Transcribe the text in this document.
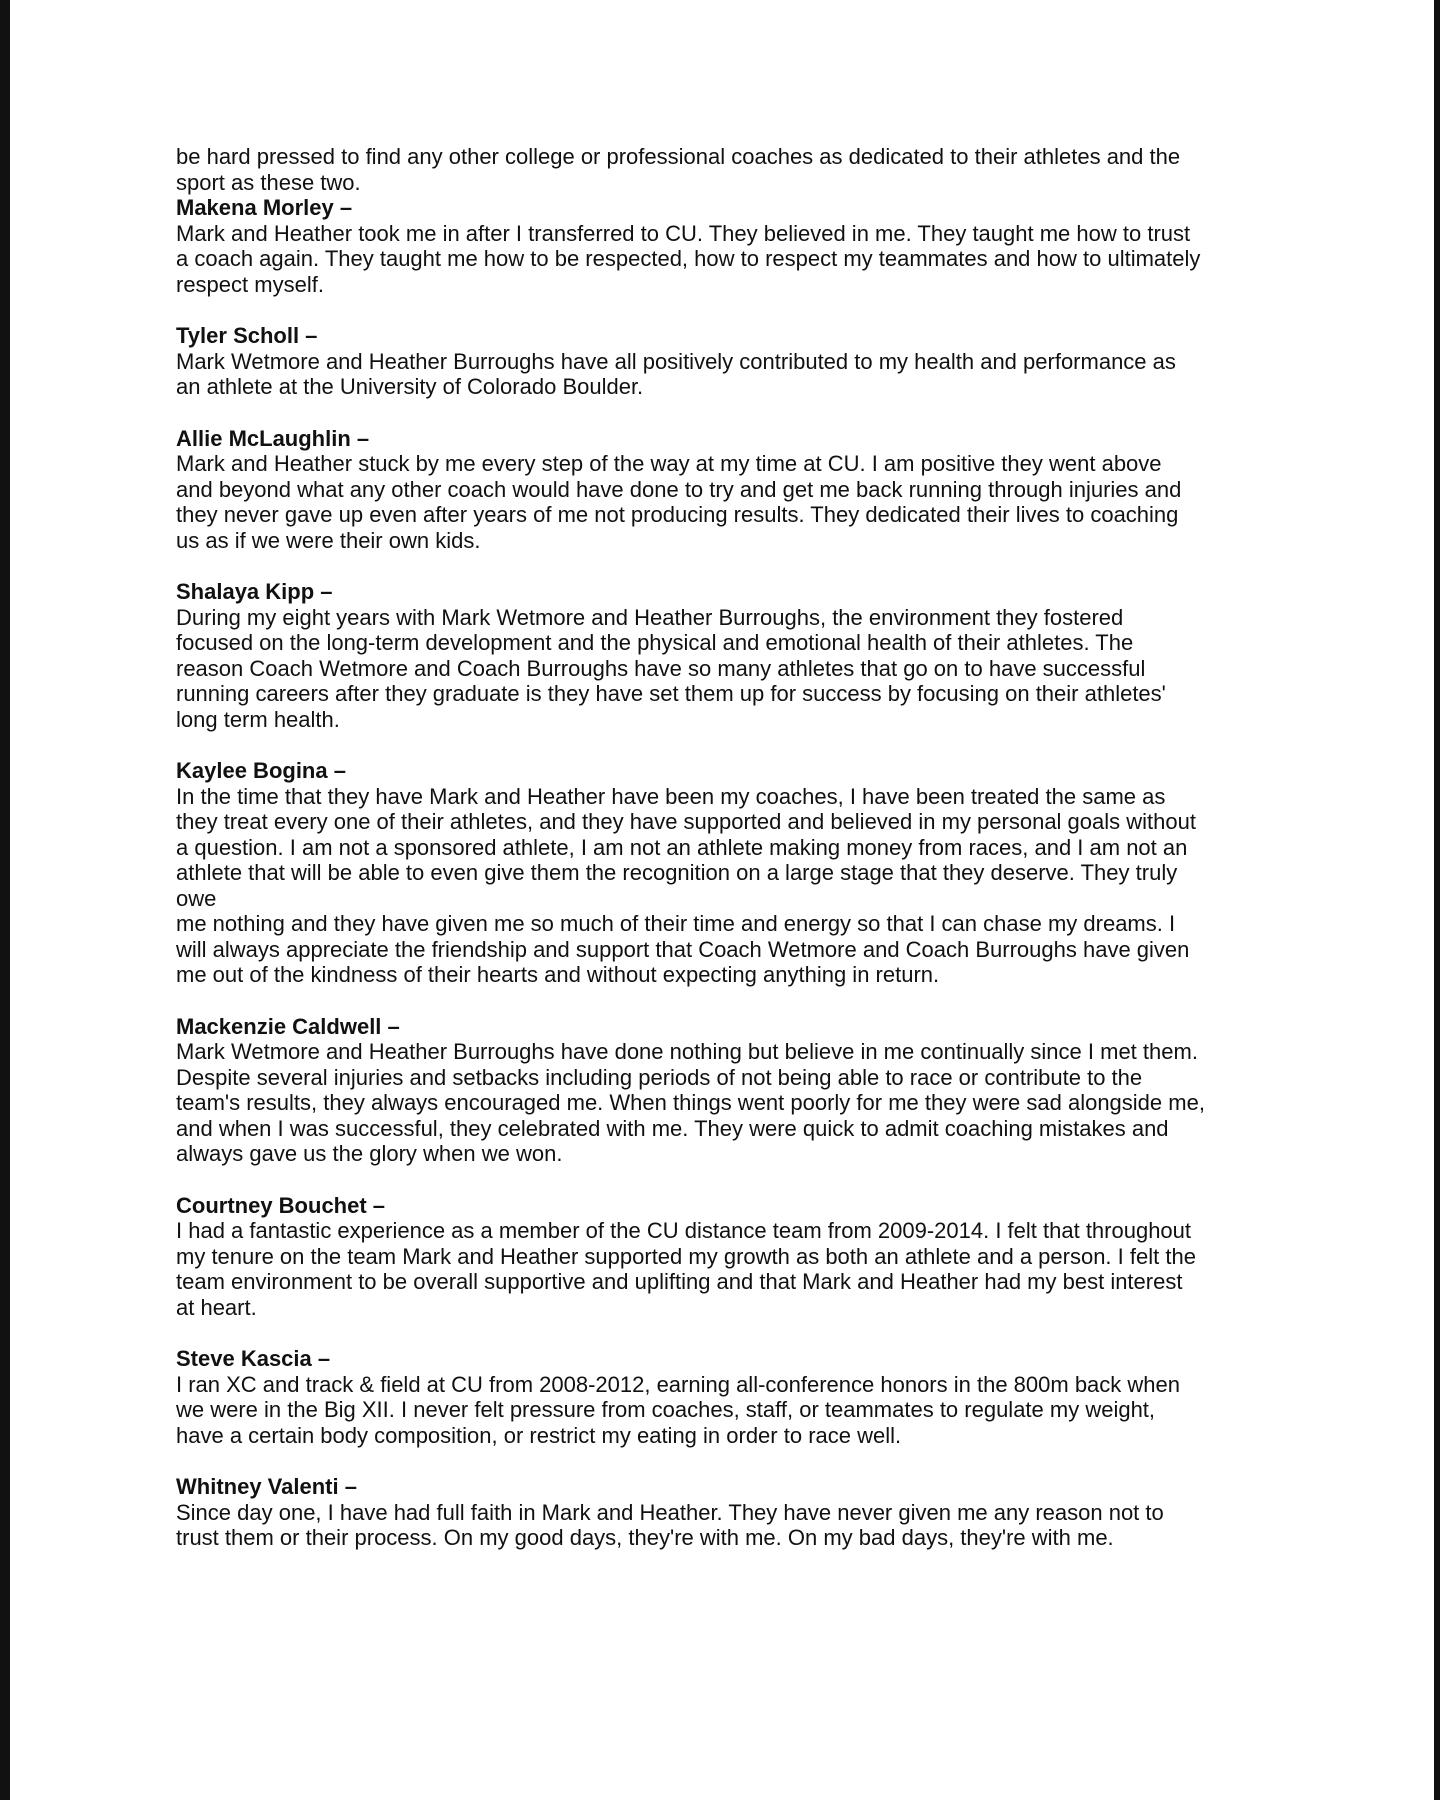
be hard pressed to find any other college or professional coaches as dedicated to their athletes and the
sport as these two.

Makena Morley –

Mark and Heather took me in after I transferred to CU. They believed in me. They taught me how to trust
a coach again. They taught me how to be respected, how to respect my teammates and how to ultimately
respect myself.

Tyler Scholl –

Mark Wetmore and Heather Burroughs have all positively contributed to my health and performance as
an athlete at the University of Colorado Boulder.

Allie McLaughlin –

Mark and Heather stuck by me every step of the way at my time at CU. I am positive they went above
and beyond what any other coach would have done to try and get me back running through injuries and
they never gave up even after years of me not producing results. They dedicated their lives to coaching
us as if we were their own kids.

Shalaya Kipp –

During my eight years with Mark Wetmore and Heather Burroughs, the environment they fostered
focused on the long-term development and the physical and emotional health of their athletes. The
reason Coach Wetmore and Coach Burroughs have so many athletes that go on to have successful
running careers after they graduate is they have set them up for success by focusing on their athletes'
long term health.

Kaylee Bogina –

In the time that they have Mark and Heather have been my coaches, I have been treated the same as
they treat every one of their athletes, and they have supported and believed in my personal goals without
a question. I am not a sponsored athlete, I am not an athlete making money from races, and I am not an
athlete that will be able to even give them the recognition on a large stage that they deserve. They truly
owe
me nothing and they have given me so much of their time and energy so that I can chase my dreams. I
will always appreciate the friendship and support that Coach Wetmore and Coach Burroughs have given
me out of the kindness of their hearts and without expecting anything in return.

Mackenzie Caldwell –

Mark Wetmore and Heather Burroughs have done nothing but believe in me continually since I met them.
Despite several injuries and setbacks including periods of not being able to race or contribute to the
team's results, they always encouraged me. When things went poorly for me they were sad alongside me,
and when I was successful, they celebrated with me. They were quick to admit coaching mistakes and
always gave us the glory when we won.

Courtney Bouchet –

I had a fantastic experience as a member of the CU distance team from 2009-2014. I felt that throughout
my tenure on the team Mark and Heather supported my growth as both an athlete and a person. I felt the
team environment to be overall supportive and uplifting and that Mark and Heather had my best interest
at heart.

Steve Kascia –

I ran XC and track & field at CU from 2008-2012, earning all-conference honors in the 800m back when
we were in the Big XII. I never felt pressure from coaches, staff, or teammates to regulate my weight,
have a certain body composition, or restrict my eating in order to race well.

Whitney Valenti –

Since day one, I have had full faith in Mark and Heather. They have never given me any reason not to
trust them or their process. On my good days, they're with me. On my bad days, they're with me.
